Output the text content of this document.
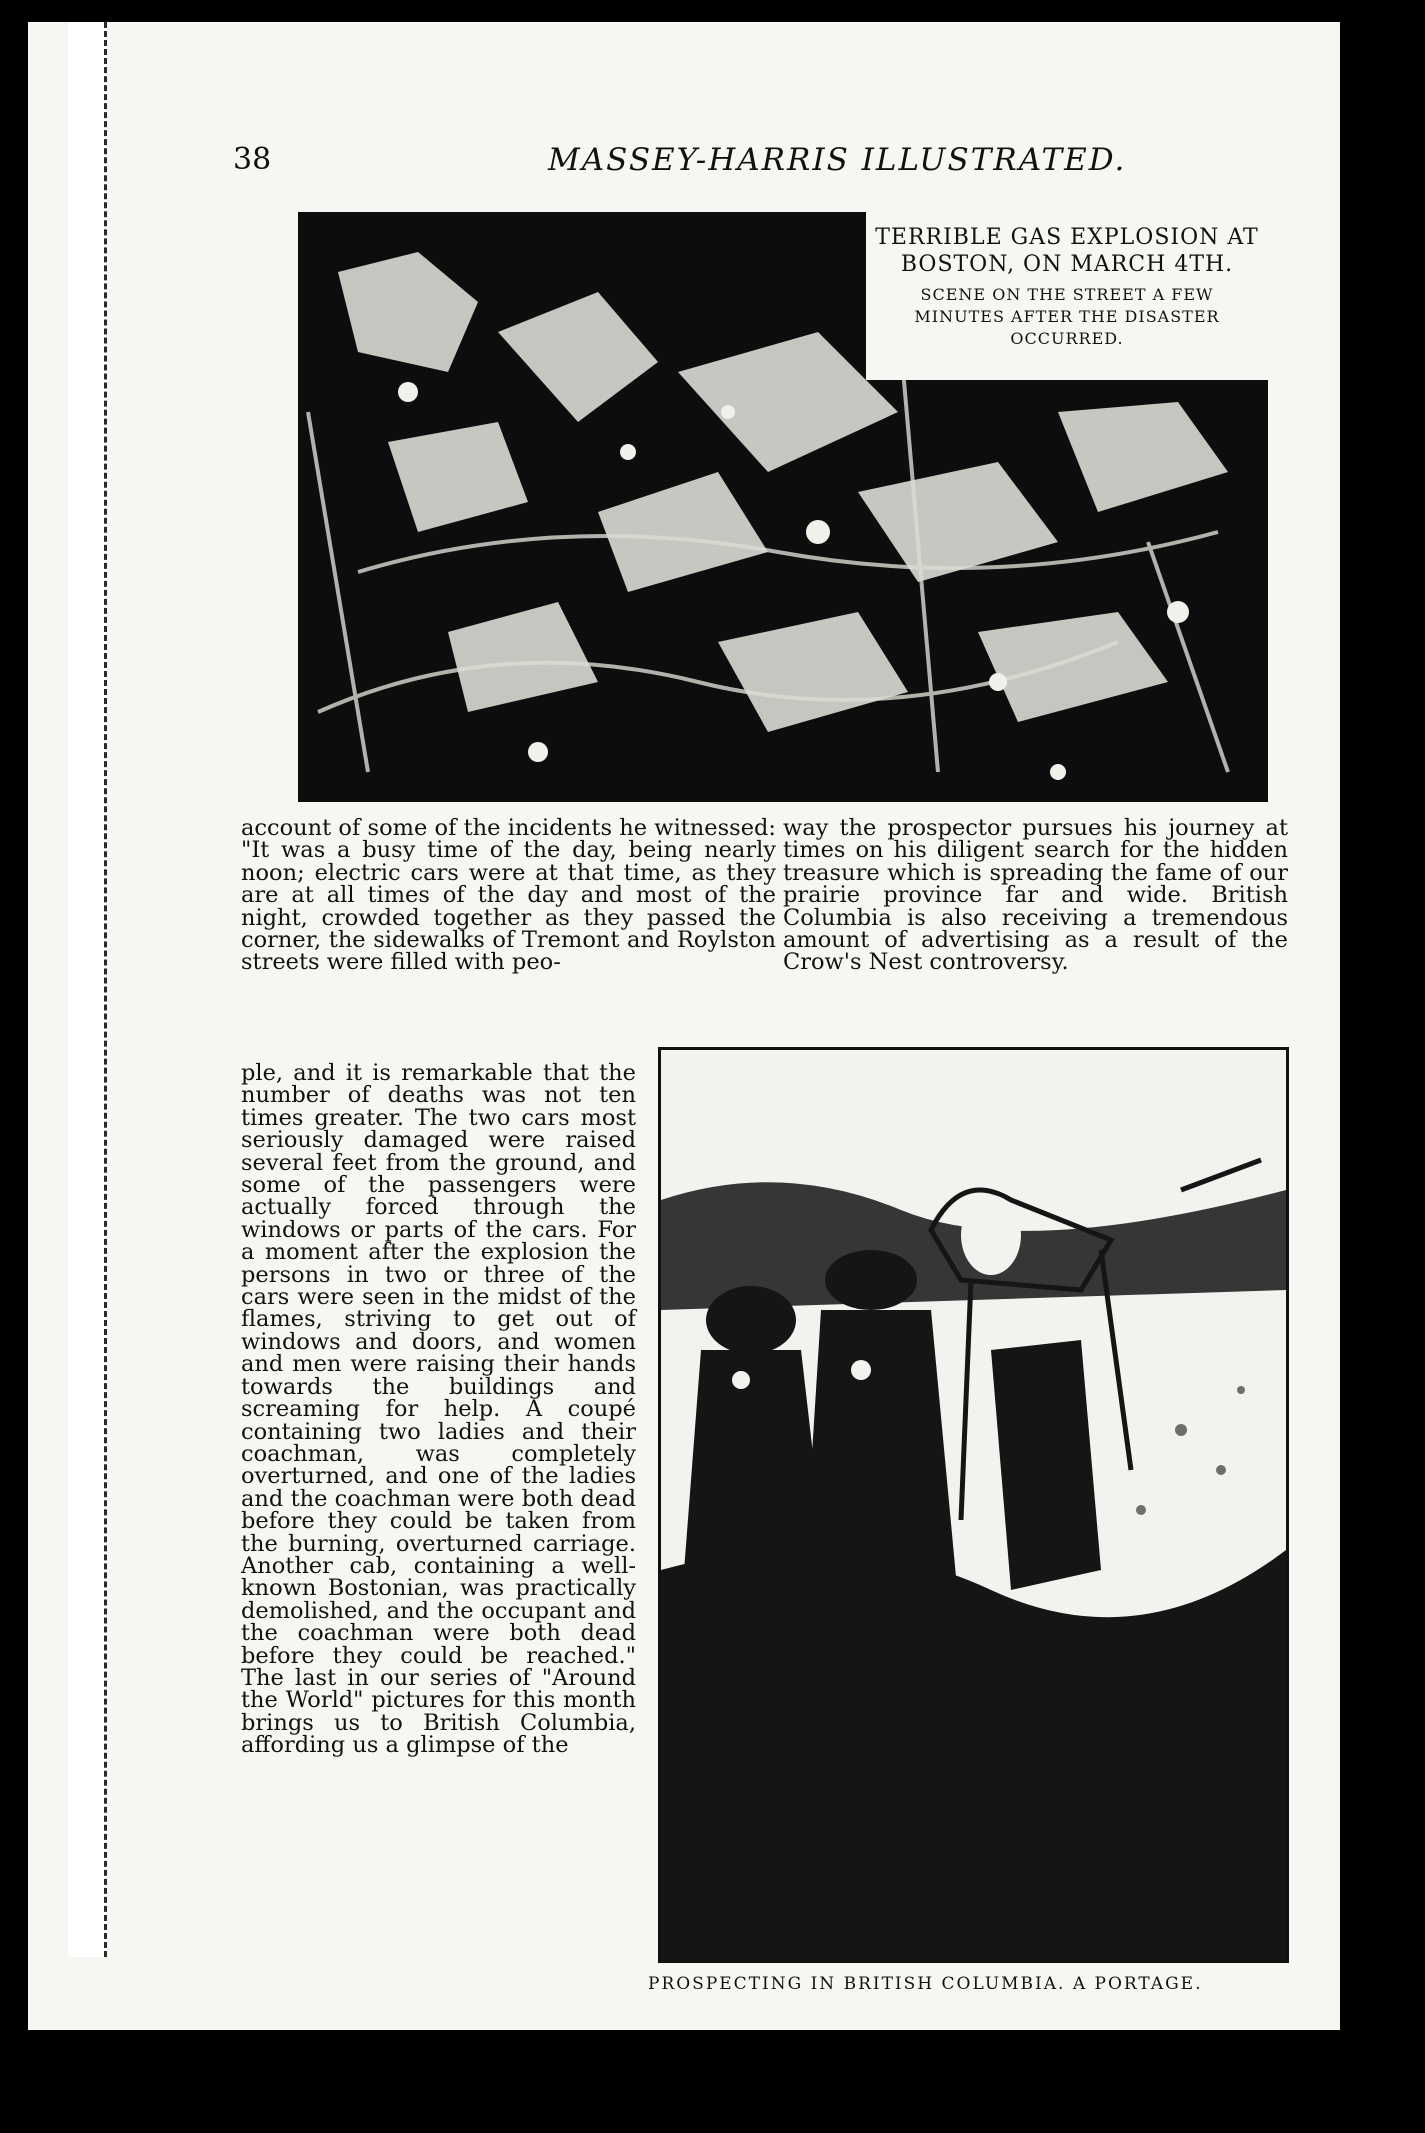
38	MASSEY-HARRIS ILLUSTRATED.
TERRIBLE GAS EXPLOSION AT BOSTON, ON MARCH 4TH.
SCENE ON THE STREET A FEW MINUTES AFTER THE DISASTER OCCURRED.
account of some of the incidents he witnessed: "It was a busy time of the day, being nearly noon; electric cars were at that time, as they are at all times of the day and most of the night, crowded together as they passed the corner, the sidewalks of Tremont and Roylston streets were filled with peo-
ple, and it is remarkable that the number of deaths was not ten times greater. The two cars most seriously damaged were raised several feet from the ground, and some of the passengers were actually forced through the windows or parts of the cars. For a moment after the explosion the persons in two or three of the cars were seen in the midst of the flames, striving to get out of windows and doors, and women and men were raising their hands towards the buildings and screaming for help. A coupé containing two ladies and their coachman, was completely overturned, and one of the ladies and the coachman were both dead before they could be taken from the burning, overturned carriage. Another cab, containing a well-known Bostonian, was practically demolished, and the occupant and the coachman were both dead before they could be reached." The last in our series of "Around the World" pictures for this month brings us to British Columbia, affording us a glimpse of the
way the prospector pursues his journey at times on his diligent search for the hidden treasure which is spreading the fame of our prairie province far and wide. British Columbia is also receiving a tremendous amount of advertising as a result of the Crow's Nest controversy.
PROSPECTING IN BRITISH COLUMBIA. A PORTAGE.
